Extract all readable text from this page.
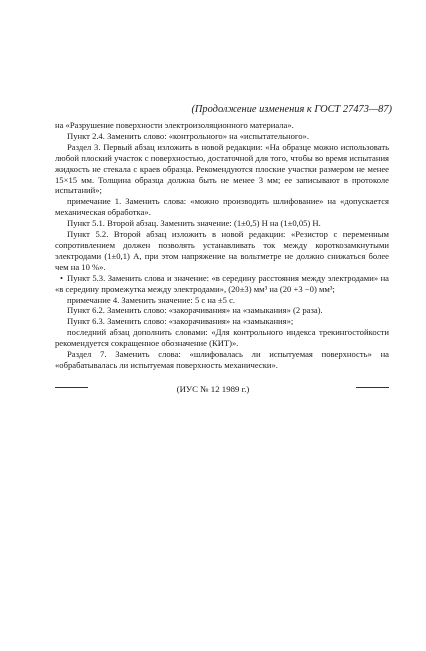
(Продолжение изменения к ГОСТ 27473—87)

на «Разрушение поверхности электроизоляционного материала».

Пункт 2.4. Заменить слово: «контрольного» на «испытательного».

Раздел 3. Первый абзац изложить в новой редакции: «На образце можно использовать любой плоский участок с поверхностью, достаточной для того, чтобы во время испытания жидкость не стекала с краев образца. Рекомендуются плоские участки размером не менее 15×15 мм. Толщина образца должна быть не менее 3 мм; ее записывают в протоколе испытаний»;

примечание 1. Заменить слова: «можно производить шлифование» на «допускается механическая обработка».

Пункт 5.1. Второй абзац. Заменить значение: (1±0,5) Н на (1±0,05) Н.

Пункт 5.2. Второй абзац изложить в новой редакции: «Резистор с переменным сопротивлением должен позволять устанавливать ток между короткозамкнутыми электродами (1±0,1) А, при этом напряжение на вольтметре не должно снижаться более чем на 10 %».

• Пункт 5.3. Заменить слова и значение: «в середину расстояния между электродами» на «в середину промежутка между электродами», (20±3) мм³ на (20 +3 −0) мм³;

примечание 4. Заменить значение: 5 с на ±5 с.

Пункт 6.2. Заменить слово: «закорачивания» на «замыкания» (2 раза).

Пункт 6.3. Заменить слово: «закорачивания» на «замыкания»;

последний абзац дополнить словами: «Для контрольного индекса трекингостойкости рекомендуется сокращенное обозначение (КИТ)».

Раздел 7. Заменить слова: «шлифовалась ли испытуемая поверхность» на «обрабатывалась ли испытуемая поверхность механически».

(ИУС № 12 1989 г.)
